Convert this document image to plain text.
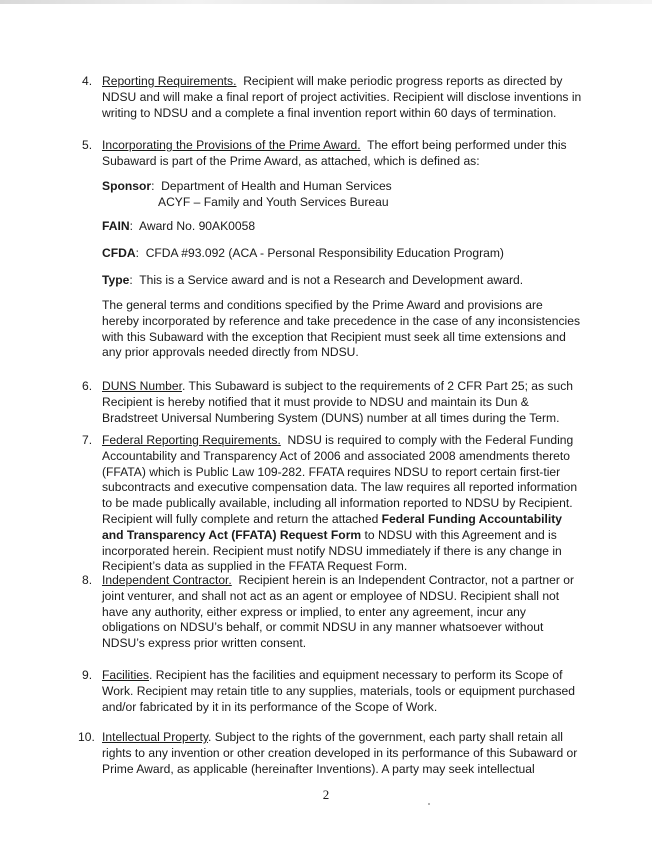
4. Reporting Requirements. Recipient will make periodic progress reports as directed by NDSU and will make a final report of project activities. Recipient will disclose inventions in writing to NDSU and a complete a final invention report within 60 days of termination.

5. Incorporating the Provisions of the Prime Award. The effort being performed under this Subaward is part of the Prime Award, as attached, which is defined as:

Sponsor:  Department of Health and Human Services

ACYF – Family and Youth Services Bureau

FAIN:  Award No. 90AK0058

CFDA:  CFDA #93.092 (ACA - Personal Responsibility Education Program)

Type:  This is a Service award and is not a Research and Development award.

The general terms and conditions specified by the Prime Award and provisions are hereby incorporated by reference and take precedence in the case of any inconsistencies with this Subaward with the exception that Recipient must seek all time extensions and any prior approvals needed directly from NDSU.

6. DUNS Number. This Subaward is subject to the requirements of 2 CFR Part 25; as such Recipient is hereby notified that it must provide to NDSU and maintain its Dun & Bradstreet Universal Numbering System (DUNS) number at all times during the Term.

7. Federal Reporting Requirements. NDSU is required to comply with the Federal Funding Accountability and Transparency Act of 2006 and associated 2008 amendments thereto (FFATA) which is Public Law 109-282. FFATA requires NDSU to report certain first-tier subcontracts and executive compensation data. The law requires all reported information to be made publically available, including all information reported to NDSU by Recipient. Recipient will fully complete and return the attached Federal Funding Accountability and Transparency Act (FFATA) Request Form to NDSU with this Agreement and is incorporated herein. Recipient must notify NDSU immediately if there is any change in Recipient’s data as supplied in the FFATA Request Form.

8. Independent Contractor. Recipient herein is an Independent Contractor, not a partner or joint venturer, and shall not act as an agent or employee of NDSU. Recipient shall not have any authority, either express or implied, to enter any agreement, incur any obligations on NDSU’s behalf, or commit NDSU in any manner whatsoever without NDSU’s express prior written consent.

9. Facilities. Recipient has the facilities and equipment necessary to perform its Scope of Work. Recipient may retain title to any supplies, materials, tools or equipment purchased and/or fabricated by it in its performance of the Scope of Work.

10. Intellectual Property. Subject to the rights of the government, each party shall retain all rights to any invention or other creation developed in its performance of this Subaward or Prime Award, as applicable (hereinafter Inventions). A party may seek intellectual

2
